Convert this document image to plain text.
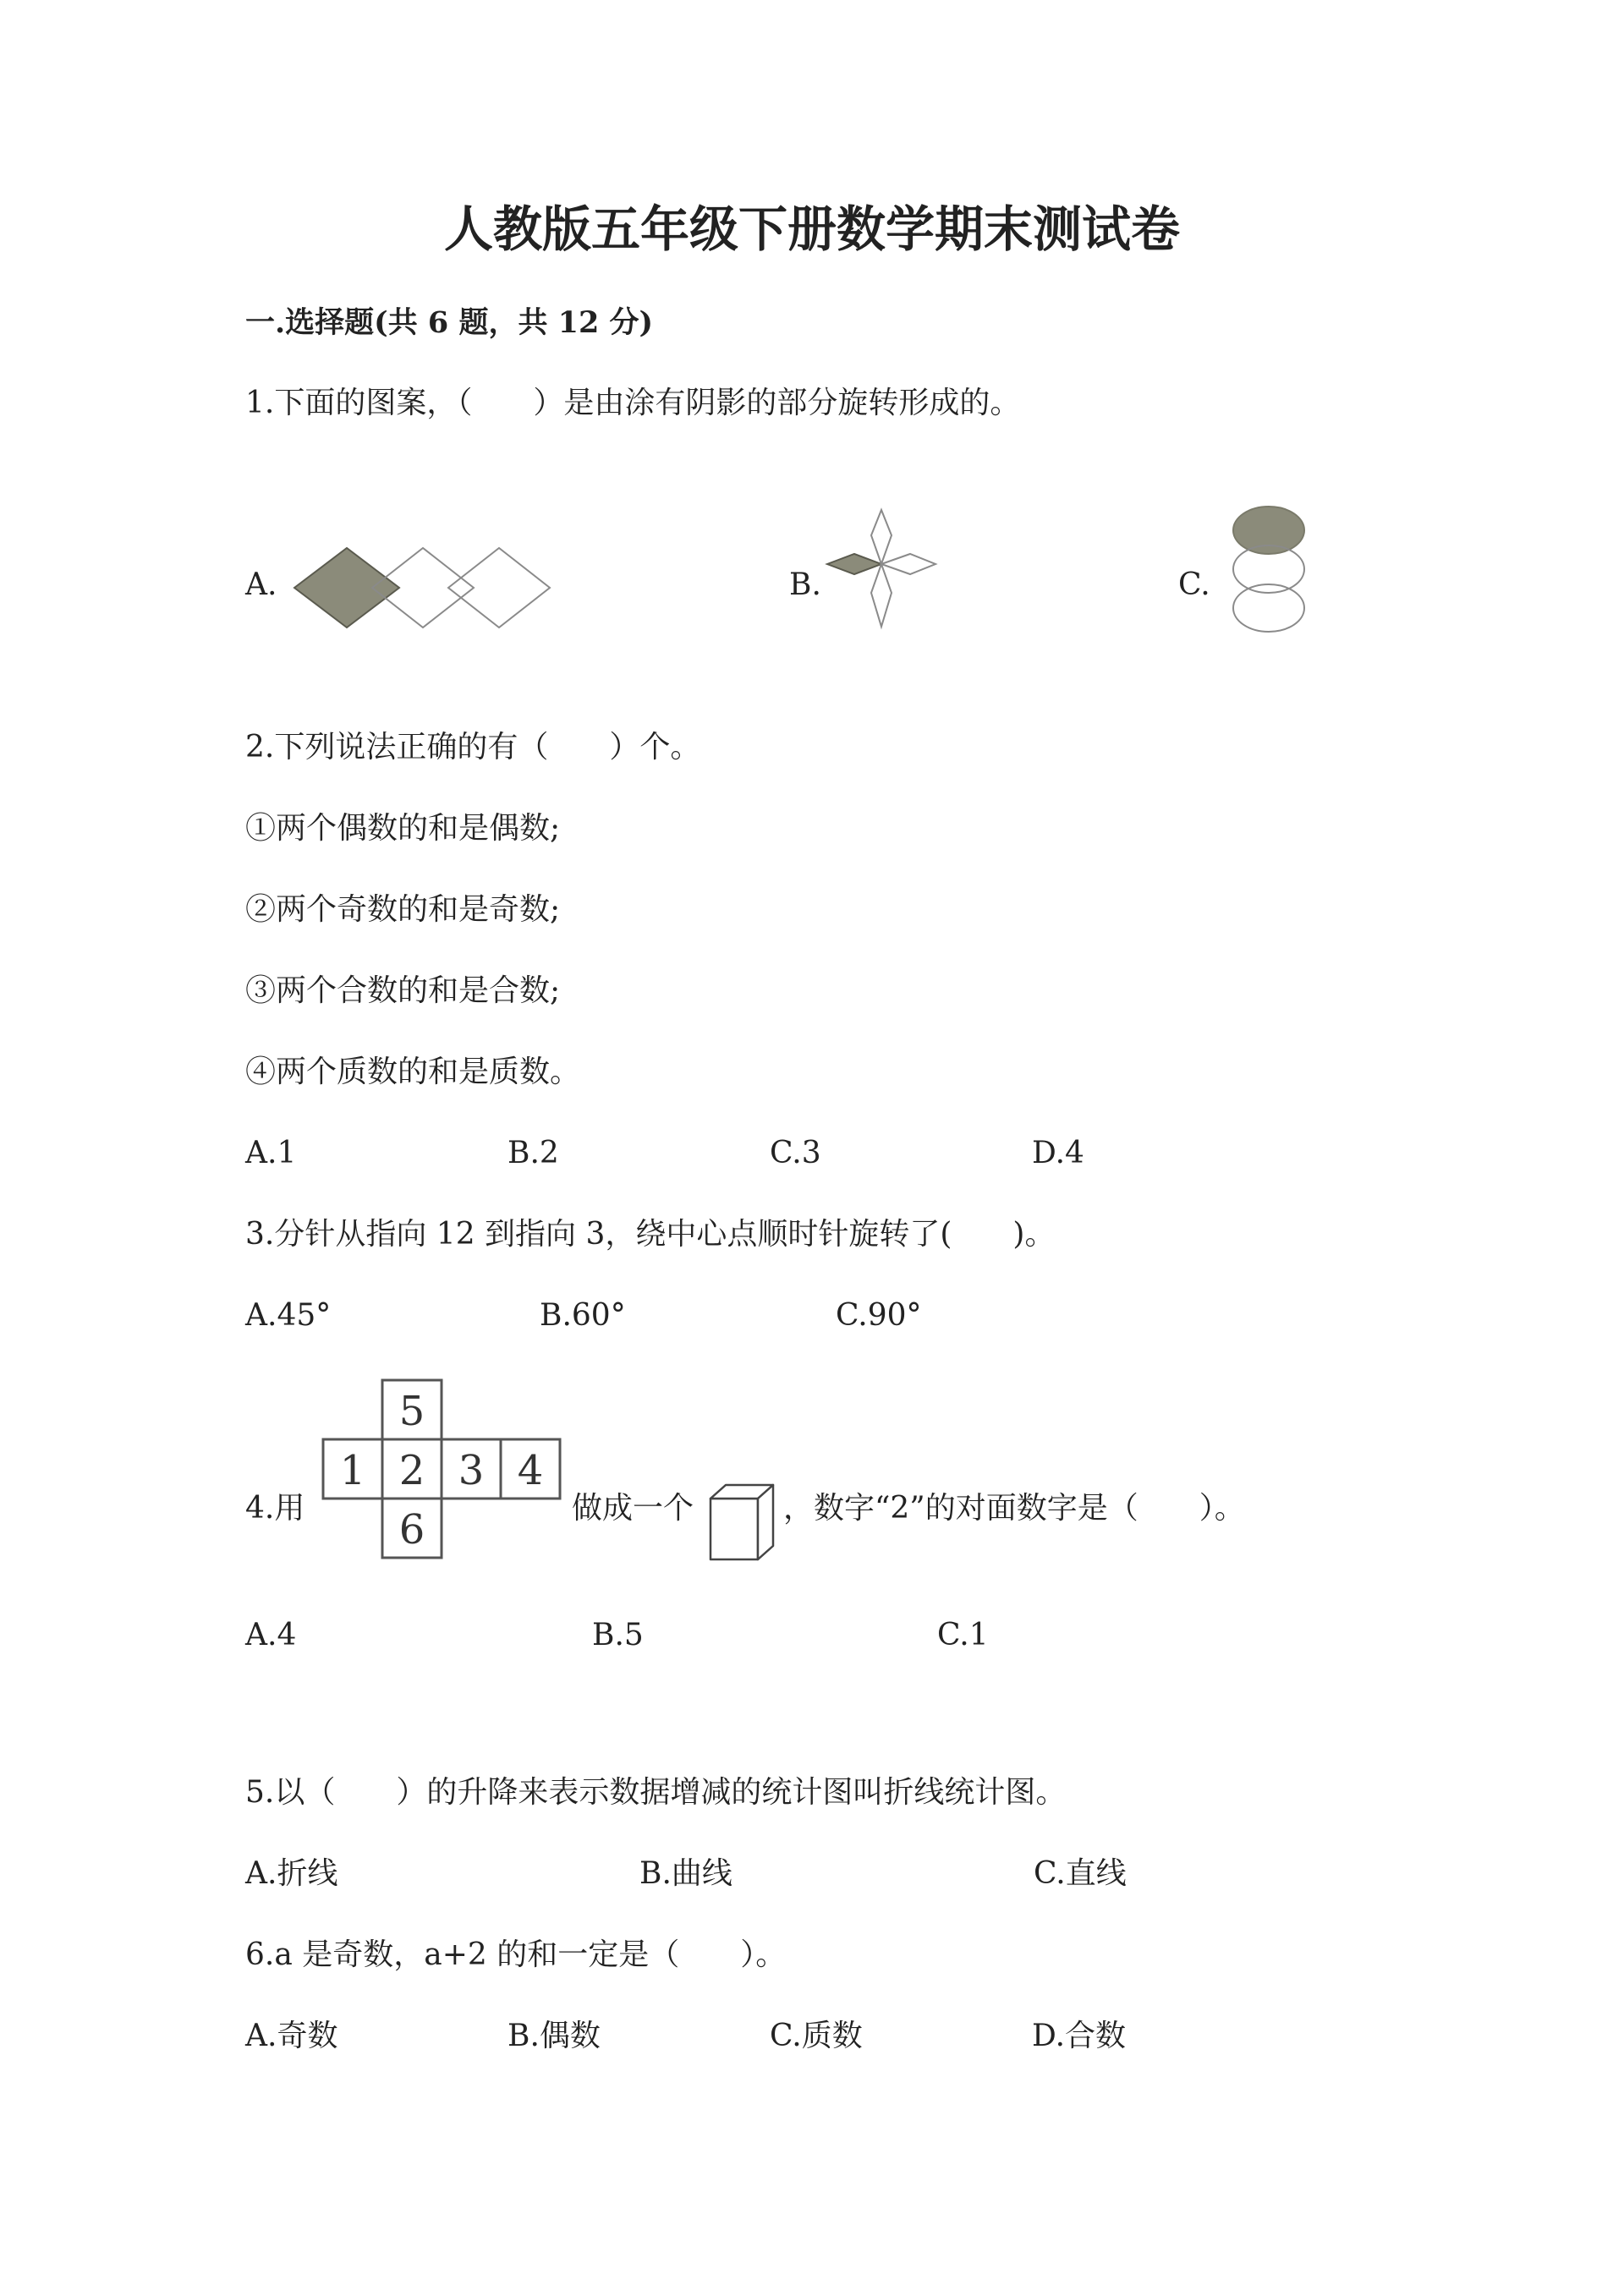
人教版五年级下册数学期末测试卷
一.选择题(共 6 题，共 12 分)
1.下面的图案，（　　）是由涂有阴影的部分旋转形成的。
A.	B.	C.
2.下列说法正确的有（　　）个。
①两个偶数的和是偶数;
②两个奇数的和是奇数;
③两个合数的和是合数;
④两个质数的和是质数。
A.1	B.2	C.3	D.4
3.分针从指向 12 到指向 3，绕中心点顺时针旋转了(　　)。
A.45°	B.60°	C.90°
4.用
5
1 2 3 4
6	做成一个	，数字“2”的对面数字是（　　）。
A.4	B.5	C.1
5.以（　　）的升降来表示数据增减的统计图叫折线统计图。
A.折线	B.曲线	C.直线
6.a 是奇数，a+2 的和一定是（　　）。
A.奇数	B.偶数	C.质数	D.合数
